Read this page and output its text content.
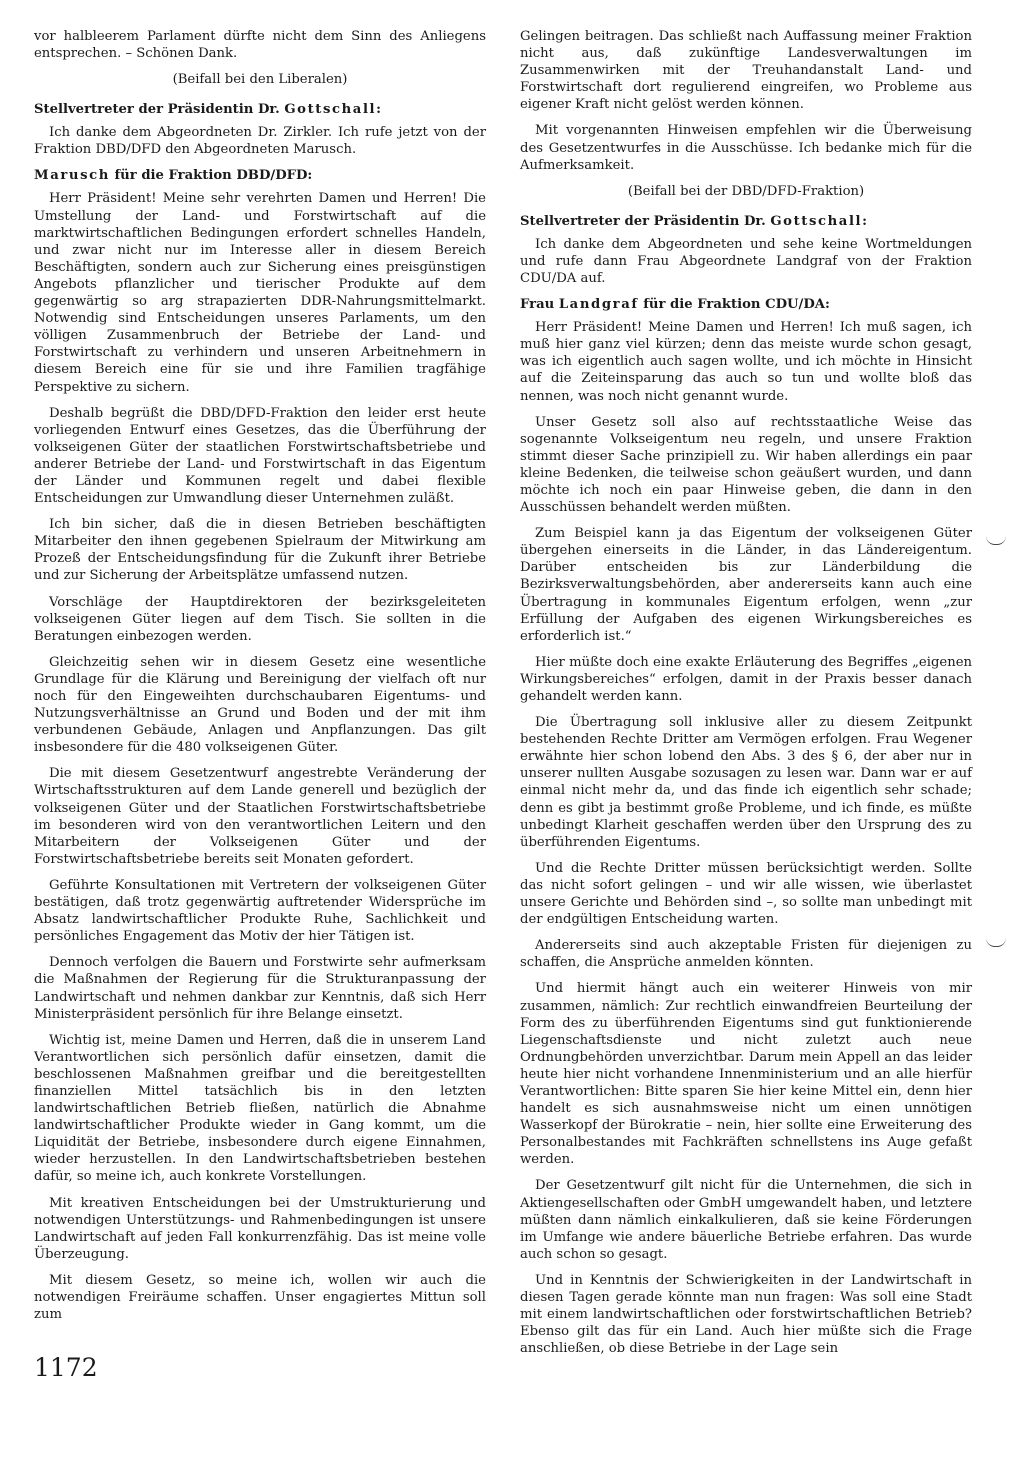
vor halbleerem Parlament dürfte nicht dem Sinn des Anliegens entsprechen. – Schönen Dank.

(Beifall bei den Liberalen)

Stellvertreter der Präsidentin Dr. Gottschall:

Ich danke dem Abgeordneten Dr. Zirkler. Ich rufe jetzt von der Fraktion DBD/DFD den Abgeordneten Marusch.

Marusch für die Fraktion DBD/DFD:

Herr Präsident! Meine sehr verehrten Damen und Herren! Die Umstellung der Land- und Forstwirtschaft auf die marktwirtschaftlichen Bedingungen erfordert schnelles Handeln, und zwar nicht nur im Interesse aller in diesem Bereich Beschäftigten, sondern auch zur Sicherung eines preisgünstigen Angebots pflanzlicher und tierischer Produkte auf dem gegenwärtig so arg strapazierten DDR-Nahrungsmittelmarkt. Notwendig sind Entscheidungen unseres Parlaments, um den völligen Zusammenbruch der Betriebe der Land- und Forstwirtschaft zu verhindern und unseren Arbeitnehmern in diesem Bereich eine für sie und ihre Familien tragfähige Perspektive zu sichern.

Deshalb begrüßt die DBD/DFD-Fraktion den leider erst heute vorliegenden Entwurf eines Gesetzes, das die Überführung der volkseigenen Güter der staatlichen Forstwirtschaftsbetriebe und anderer Betriebe der Land- und Forstwirtschaft in das Eigentum der Länder und Kommunen regelt und dabei flexible Entscheidungen zur Umwandlung dieser Unternehmen zuläßt.

Ich bin sicher, daß die in diesen Betrieben beschäftigten Mitarbeiter den ihnen gegebenen Spielraum der Mitwirkung am Prozeß der Entscheidungsfindung für die Zukunft ihrer Betriebe und zur Sicherung der Arbeitsplätze umfassend nutzen.

Vorschläge der Hauptdirektoren der bezirksgeleiteten volkseigenen Güter liegen auf dem Tisch. Sie sollten in die Beratungen einbezogen werden.

Gleichzeitig sehen wir in diesem Gesetz eine wesentliche Grundlage für die Klärung und Bereinigung der vielfach oft nur noch für den Eingeweihten durchschaubaren Eigentums- und Nutzungsverhältnisse an Grund und Boden und der mit ihm verbundenen Gebäude, Anlagen und Anpflanzungen. Das gilt insbesondere für die 480 volkseigenen Güter.

Die mit diesem Gesetzentwurf angestrebte Veränderung der Wirtschaftsstrukturen auf dem Lande generell und bezüglich der volkseigenen Güter und der Staatlichen Forstwirtschaftsbetriebe im besonderen wird von den verantwortlichen Leitern und den Mitarbeitern der Volkseigenen Güter und der Forstwirtschaftsbetriebe bereits seit Monaten gefordert.

Geführte Konsultationen mit Vertretern der volkseigenen Güter bestätigen, daß trotz gegenwärtig auftretender Widersprüche im Absatz landwirtschaftlicher Produkte Ruhe, Sachlichkeit und persönliches Engagement das Motiv der hier Tätigen ist.

Dennoch verfolgen die Bauern und Forstwirte sehr aufmerksam die Maßnahmen der Regierung für die Strukturanpassung der Landwirtschaft und nehmen dankbar zur Kenntnis, daß sich Herr Ministerpräsident persönlich für ihre Belange einsetzt.

Wichtig ist, meine Damen und Herren, daß die in unserem Land Verantwortlichen sich persönlich dafür einsetzen, damit die beschlossenen Maßnahmen greifbar und die bereitgestellten finanziellen Mittel tatsächlich bis in den letzten landwirtschaftlichen Betrieb fließen, natürlich die Abnahme landwirtschaftlicher Produkte wieder in Gang kommt, um die Liquidität der Betriebe, insbesondere durch eigene Einnahmen, wieder herzustellen. In den Landwirtschaftsbetrieben bestehen dafür, so meine ich, auch konkrete Vorstellungen.

Mit kreativen Entscheidungen bei der Umstrukturierung und notwendigen Unterstützungs- und Rahmenbedingungen ist unsere Landwirtschaft auf jeden Fall konkurrenzfähig. Das ist meine volle Überzeugung.

Mit diesem Gesetz, so meine ich, wollen wir auch die notwendigen Freiräume schaffen. Unser engagiertes Mittun soll zum

Gelingen beitragen. Das schließt nach Auffassung meiner Fraktion nicht aus, daß zukünftige Landesverwaltungen im Zusammenwirken mit der Treuhandanstalt Land- und Forstwirtschaft dort regulierend eingreifen, wo Probleme aus eigener Kraft nicht gelöst werden können.

Mit vorgenannten Hinweisen empfehlen wir die Überweisung des Gesetzentwurfes in die Ausschüsse. Ich bedanke mich für die Aufmerksamkeit.

(Beifall bei der DBD/DFD-Fraktion)

Stellvertreter der Präsidentin Dr. Gottschall:

Ich danke dem Abgeordneten und sehe keine Wortmeldungen und rufe dann Frau Abgeordnete Landgraf von der Fraktion CDU/DA auf.

Frau Landgraf für die Fraktion CDU/DA:

Herr Präsident! Meine Damen und Herren! Ich muß sagen, ich muß hier ganz viel kürzen; denn das meiste wurde schon gesagt, was ich eigentlich auch sagen wollte, und ich möchte in Hinsicht auf die Zeiteinsparung das auch so tun und wollte bloß das nennen, was noch nicht genannt wurde.

Unser Gesetz soll also auf rechtsstaatliche Weise das sogenannte Volkseigentum neu regeln, und unsere Fraktion stimmt dieser Sache prinzipiell zu. Wir haben allerdings ein paar kleine Bedenken, die teilweise schon geäußert wurden, und dann möchte ich noch ein paar Hinweise geben, die dann in den Ausschüssen behandelt werden müßten.

Zum Beispiel kann ja das Eigentum der volkseigenen Güter übergehen einerseits in die Länder, in das Ländereigentum. Darüber entscheiden bis zur Länderbildung die Bezirksverwaltungsbehörden, aber andererseits kann auch eine Übertragung in kommunales Eigentum erfolgen, wenn „zur Erfüllung der Aufgaben des eigenen Wirkungsbereiches es erforderlich ist.“

Hier müßte doch eine exakte Erläuterung des Begriffes „eigenen Wirkungsbereiches“ erfolgen, damit in der Praxis besser danach gehandelt werden kann.

Die Übertragung soll inklusive aller zu diesem Zeitpunkt bestehenden Rechte Dritter am Vermögen erfolgen. Frau Wegener erwähnte hier schon lobend den Abs. 3 des § 6, der aber nur in unserer nullten Ausgabe sozusagen zu lesen war. Dann war er auf einmal nicht mehr da, und das finde ich eigentlich sehr schade; denn es gibt ja bestimmt große Probleme, und ich finde, es müßte unbedingt Klarheit geschaffen werden über den Ursprung des zu überführenden Eigentums.

Und die Rechte Dritter müssen berücksichtigt werden. Sollte das nicht sofort gelingen – und wir alle wissen, wie überlastet unsere Gerichte und Behörden sind –, so sollte man unbedingt mit der endgültigen Entscheidung warten.

Andererseits sind auch akzeptable Fristen für diejenigen zu schaffen, die Ansprüche anmelden könnten.

Und hiermit hängt auch ein weiterer Hinweis von mir zusammen, nämlich: Zur rechtlich einwandfreien Beurteilung der Form des zu überführenden Eigentums sind gut funktionierende Liegenschaftsdienste und nicht zuletzt auch neue Ordnungbehörden unverzichtbar. Darum mein Appell an das leider heute hier nicht vorhandene Innenministerium und an alle hierfür Verantwortlichen: Bitte sparen Sie hier keine Mittel ein, denn hier handelt es sich ausnahmsweise nicht um einen unnötigen Wasserkopf der Bürokratie – nein, hier sollte eine Erweiterung des Personalbestandes mit Fachkräften schnellstens ins Auge gefaßt werden.

Der Gesetzentwurf gilt nicht für die Unternehmen, die sich in Aktiengesellschaften oder GmbH umgewandelt haben, und letztere müßten dann nämlich einkalkulieren, daß sie keine Förderungen im Umfange wie andere bäuerliche Betriebe erfahren. Das wurde auch schon so gesagt.

Und in Kenntnis der Schwierigkeiten in der Landwirtschaft in diesen Tagen gerade könnte man nun fragen: Was soll eine Stadt mit einem landwirtschaftlichen oder forstwirtschaftlichen Betrieb? Ebenso gilt das für ein Land. Auch hier müßte sich die Frage anschließen, ob diese Betriebe in der Lage sein

1172
